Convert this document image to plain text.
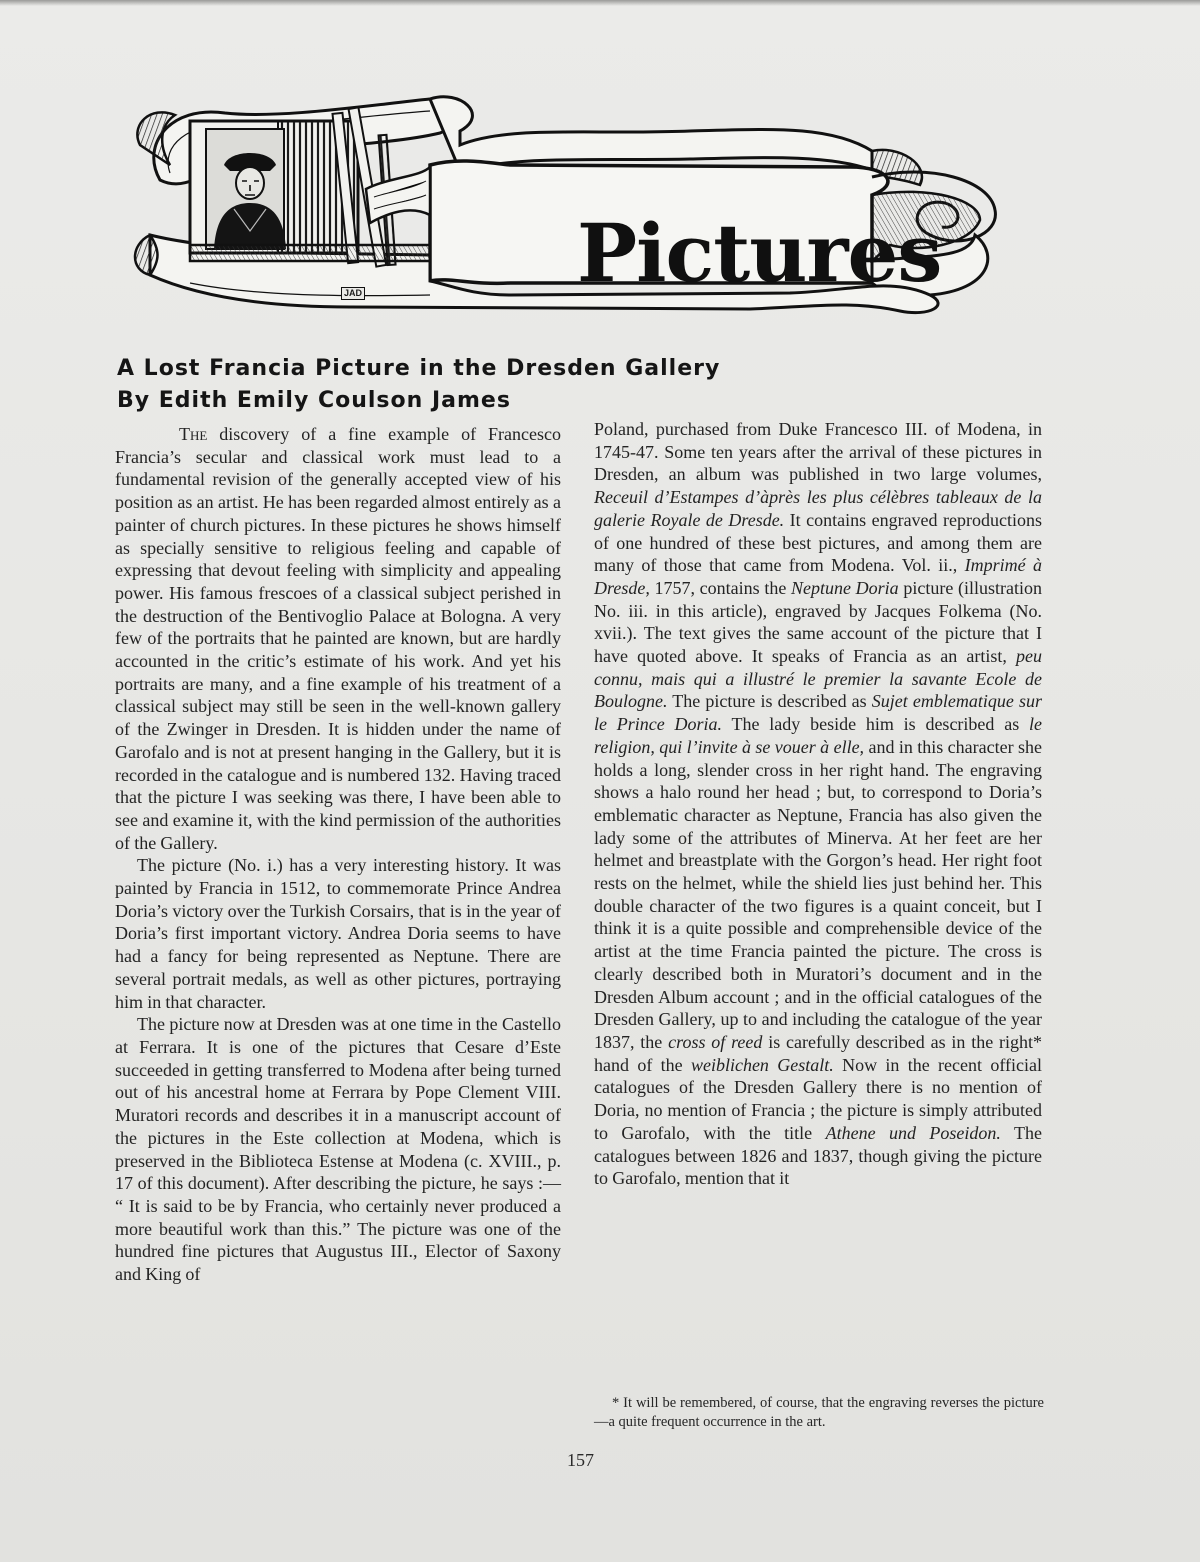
Pictures
JAD
A Lost Francia Picture in the Dresden Gallery
By Edith Emily Coulson James

The discovery of a fine example of Francesco Francia’s secular and classical work must lead to a fundamental revision of the generally accepted view of his position as an artist. He has been regarded almost entirely as a painter of church pictures. In these pictures he shows himself as specially sensitive to religious feeling and capable of expressing that devout feeling with simplicity and appealing power. His famous frescoes of a classical subject perished in the destruction of the Bentivoglio Palace at Bologna. A very few of the portraits that he painted are known, but are hardly accounted in the critic’s estimate of his work. And yet his portraits are many, and a fine example of his treatment of a classical subject may still be seen in the well-known gallery of the Zwinger in Dresden. It is hidden under the name of Garofalo and is not at present hanging in the Gallery, but it is recorded in the catalogue and is numbered 132. Having traced that the picture I was seeking was there, I have been able to see and examine it, with the kind permission of the authorities of the Gallery.

The picture (No. i.) has a very interesting history. It was painted by Francia in 1512, to commemorate Prince Andrea Doria’s victory over the Turkish Corsairs, that is in the year of Doria’s first important victory. Andrea Doria seems to have had a fancy for being represented as Neptune. There are several portrait medals, as well as other pictures, portraying him in that character.

The picture now at Dresden was at one time in the Castello at Ferrara. It is one of the pictures that Cesare d’Este succeeded in getting transferred to Modena after being turned out of his ancestral home at Ferrara by Pope Clement VIII. Muratori records and describes it in a manuscript account of the pictures in the Este collection at Modena, which is preserved in the Biblioteca Estense at Modena (c. XVIII., p. 17 of this document). After describing the picture, he says :— “ It is said to be by Francia, who certainly never produced a more beautiful work than this.” The picture was one of the hundred fine pictures that Augustus III., Elector of Saxony and King of

Poland, purchased from Duke Francesco III. of Modena, in 1745-47. Some ten years after the arrival of these pictures in Dresden, an album was published in two large volumes, Receuil d’Estampes d’àprès les plus célèbres tableaux de la galerie Royale de Dresde. It contains engraved reproductions of one hundred of these best pictures, and among them are many of those that came from Modena. Vol. ii., Imprimé à Dresde, 1757, contains the Neptune Doria picture (illustration No. iii. in this article), engraved by Jacques Folkema (No. xvii.). The text gives the same account of the picture that I have quoted above. It speaks of Francia as an artist, peu connu, mais qui a illustré le premier la savante Ecole de Boulogne. The picture is described as Sujet emblematique sur le Prince Doria. The lady beside him is described as le religion, qui l’invite à se vouer à elle, and in this character she holds a long, slender cross in her right hand. The engraving shows a halo round her head ; but, to correspond to Doria’s emblematic character as Neptune, Francia has also given the lady some of the attributes of Minerva. At her feet are her helmet and breastplate with the Gorgon’s head. Her right foot rests on the helmet, while the shield lies just behind her. This double character of the two figures is a quaint conceit, but I think it is a quite possible and comprehensible device of the artist at the time Francia painted the picture. The cross is clearly described both in Muratori’s document and in the Dresden Album account ; and in the official catalogues of the Dresden Gallery, up to and including the catalogue of the year 1837, the cross of reed is carefully described as in the right* hand of the weiblichen Gestalt. Now in the recent official catalogues of the Dresden Gallery there is no mention of Doria, no mention of Francia ; the picture is simply attributed to Garofalo, with the title Athene und Poseidon. The catalogues between 1826 and 1837, though giving the picture to Garofalo, mention that it

* It will be remembered, of course, that the engraving reverses the picture—a quite frequent occurrence in the art.

157
